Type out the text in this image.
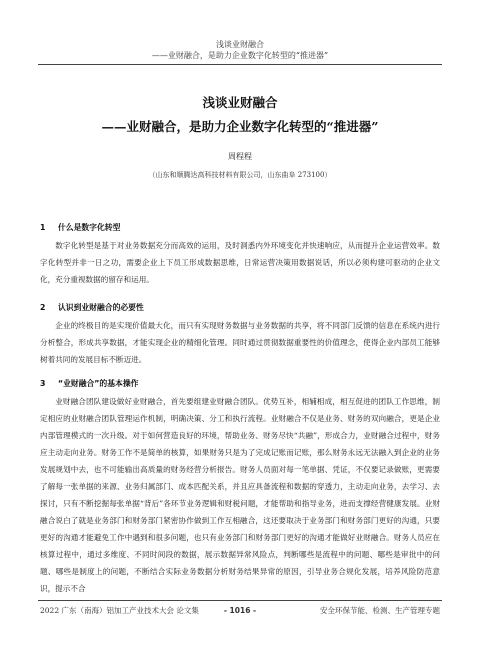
浅谈业财融合
——业财融合，是助力企业数字化转型的“推进器”
浅谈业财融合
——业财融合，是助力企业数字化转型的“推进器”
周程程
（山东和顺腾达高科技材料有限公司，山东曲阜 273100）
1 什么是数字化转型
数字化转型是基于对业务数据充分而高效的运用，及时洞悉内外环境变化并快速响应，从而提升企业运营效率。数字化转型并非一日之功，需要企业上下员工形成数据思维，日常运营决策用数据说话，所以必须构建可驱动的企业文化，充分重视数据的留存和运用。
2 认识到业财融合的必要性
企业的终极目的是实现价值最大化，而只有实现财务数据与业务数据的共享，将不同部门反馈的信息在系统内进行分析整合，形成共享数据，才能实现企业的精细化管理。同时通过贯彻数据重要性的价值理念，使得企业内部员工能够树着共同的发展目标不断迈进。
3 “业财融合”的基本操作
业财融合团队建设做好业财融合，首先要组建业财融合团队。优势互补，相辅相成，相互促进的团队工作思维，制定相应的业财融合团队管理运作机制，明确决策、分工和执行流程。业财融合不仅是业务、财务的双向融合，更是企业内部管理模式的一次升级。对于如何营造良好的环境，帮助业务、财务尽快“共融”，形成合力，业财融合过程中，财务应主动走向业务。财务工作不是简单的核算，如果财务只是为了完成记账而记账，那么财务永远无法融入到企业的业务发展规划中去，也不可能输出高质量的财务经营分析报告。财务人员面对每一笔单据、凭证，不仅要记录做账，更需要了解每一张单据的来源、业务归属部门、成本匹配关系，并且应具备流程和数据的穿透力，主动走向业务，去学习、去探讨，只有不断挖掘每张单据“背后”各环节业务逻辑和财税问题，才能帮助和指导业务，进而支撑经营健康发展。业财融合说白了就是业务部门和财务部门紧密协作做到工作互相融合，这还要取决于业务部门和财务部门更好的沟通，只要更好的沟通才能避免工作中遇到和很多问题，也只有业务部门和财务部门更好的沟通才能做好业财融合。财务人员应在核算过程中，通过多维度、不同时间段的数据，展示数据异常风险点，判断哪些是流程中的问题、哪些是审批中的问题、哪些是制度上的问题，不断结合实际业务数据分析财务结果异常的原因，引导业务合规化发展，培养风险防范意识，提示不合
2022 广东（南海）铝加工产业技术大会 论文集	- 1016 -	安全环保节能、检测、生产管理专题
